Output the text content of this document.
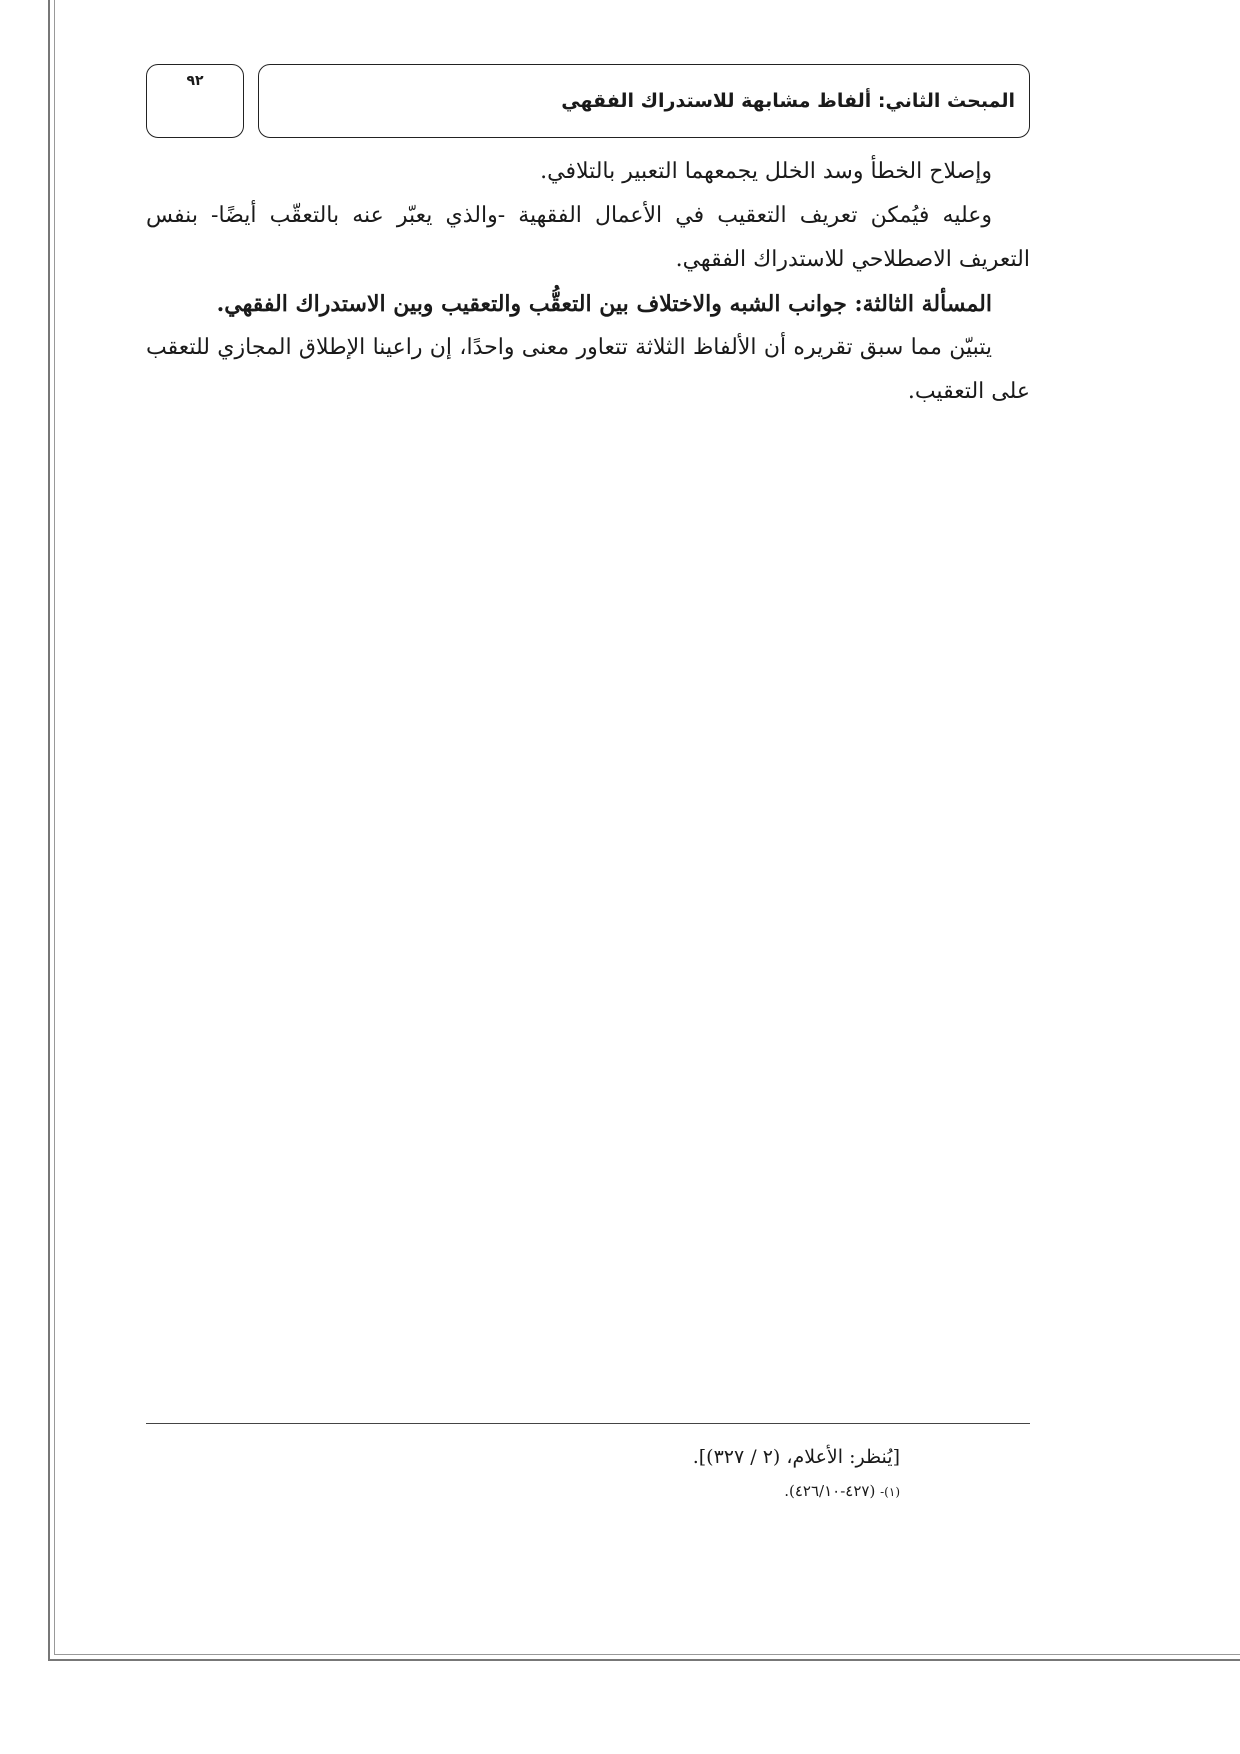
المبحث الثاني: ألفاظ مشابهة للاستدراك الفقهي
٩٢

وإصلاح الخطأ وسد الخلل يجمعهما التعبير بالتلافي.

وعليه فيُمكن تعريف التعقيب في الأعمال الفقهية -والذي يعبّر عنه بالتعقّب أيضًا- بنفس التعريف الاصطلاحي للاستدراك الفقهي.

المسألة الثالثة: جوانب الشبه والاختلاف بين التعقُّب والتعقيب وبين الاستدراك الفقهي.

يتبيّن مما سبق تقريره أن الألفاظ الثلاثة تتعاور معنى واحدًا، إن راعينا الإطلاق المجازي للتعقب على التعقيب.

[يُنظر: الأعلام، (٢ / ٣٢٧)].

(١)- (٤٢٧-٤٢٦/١٠).
